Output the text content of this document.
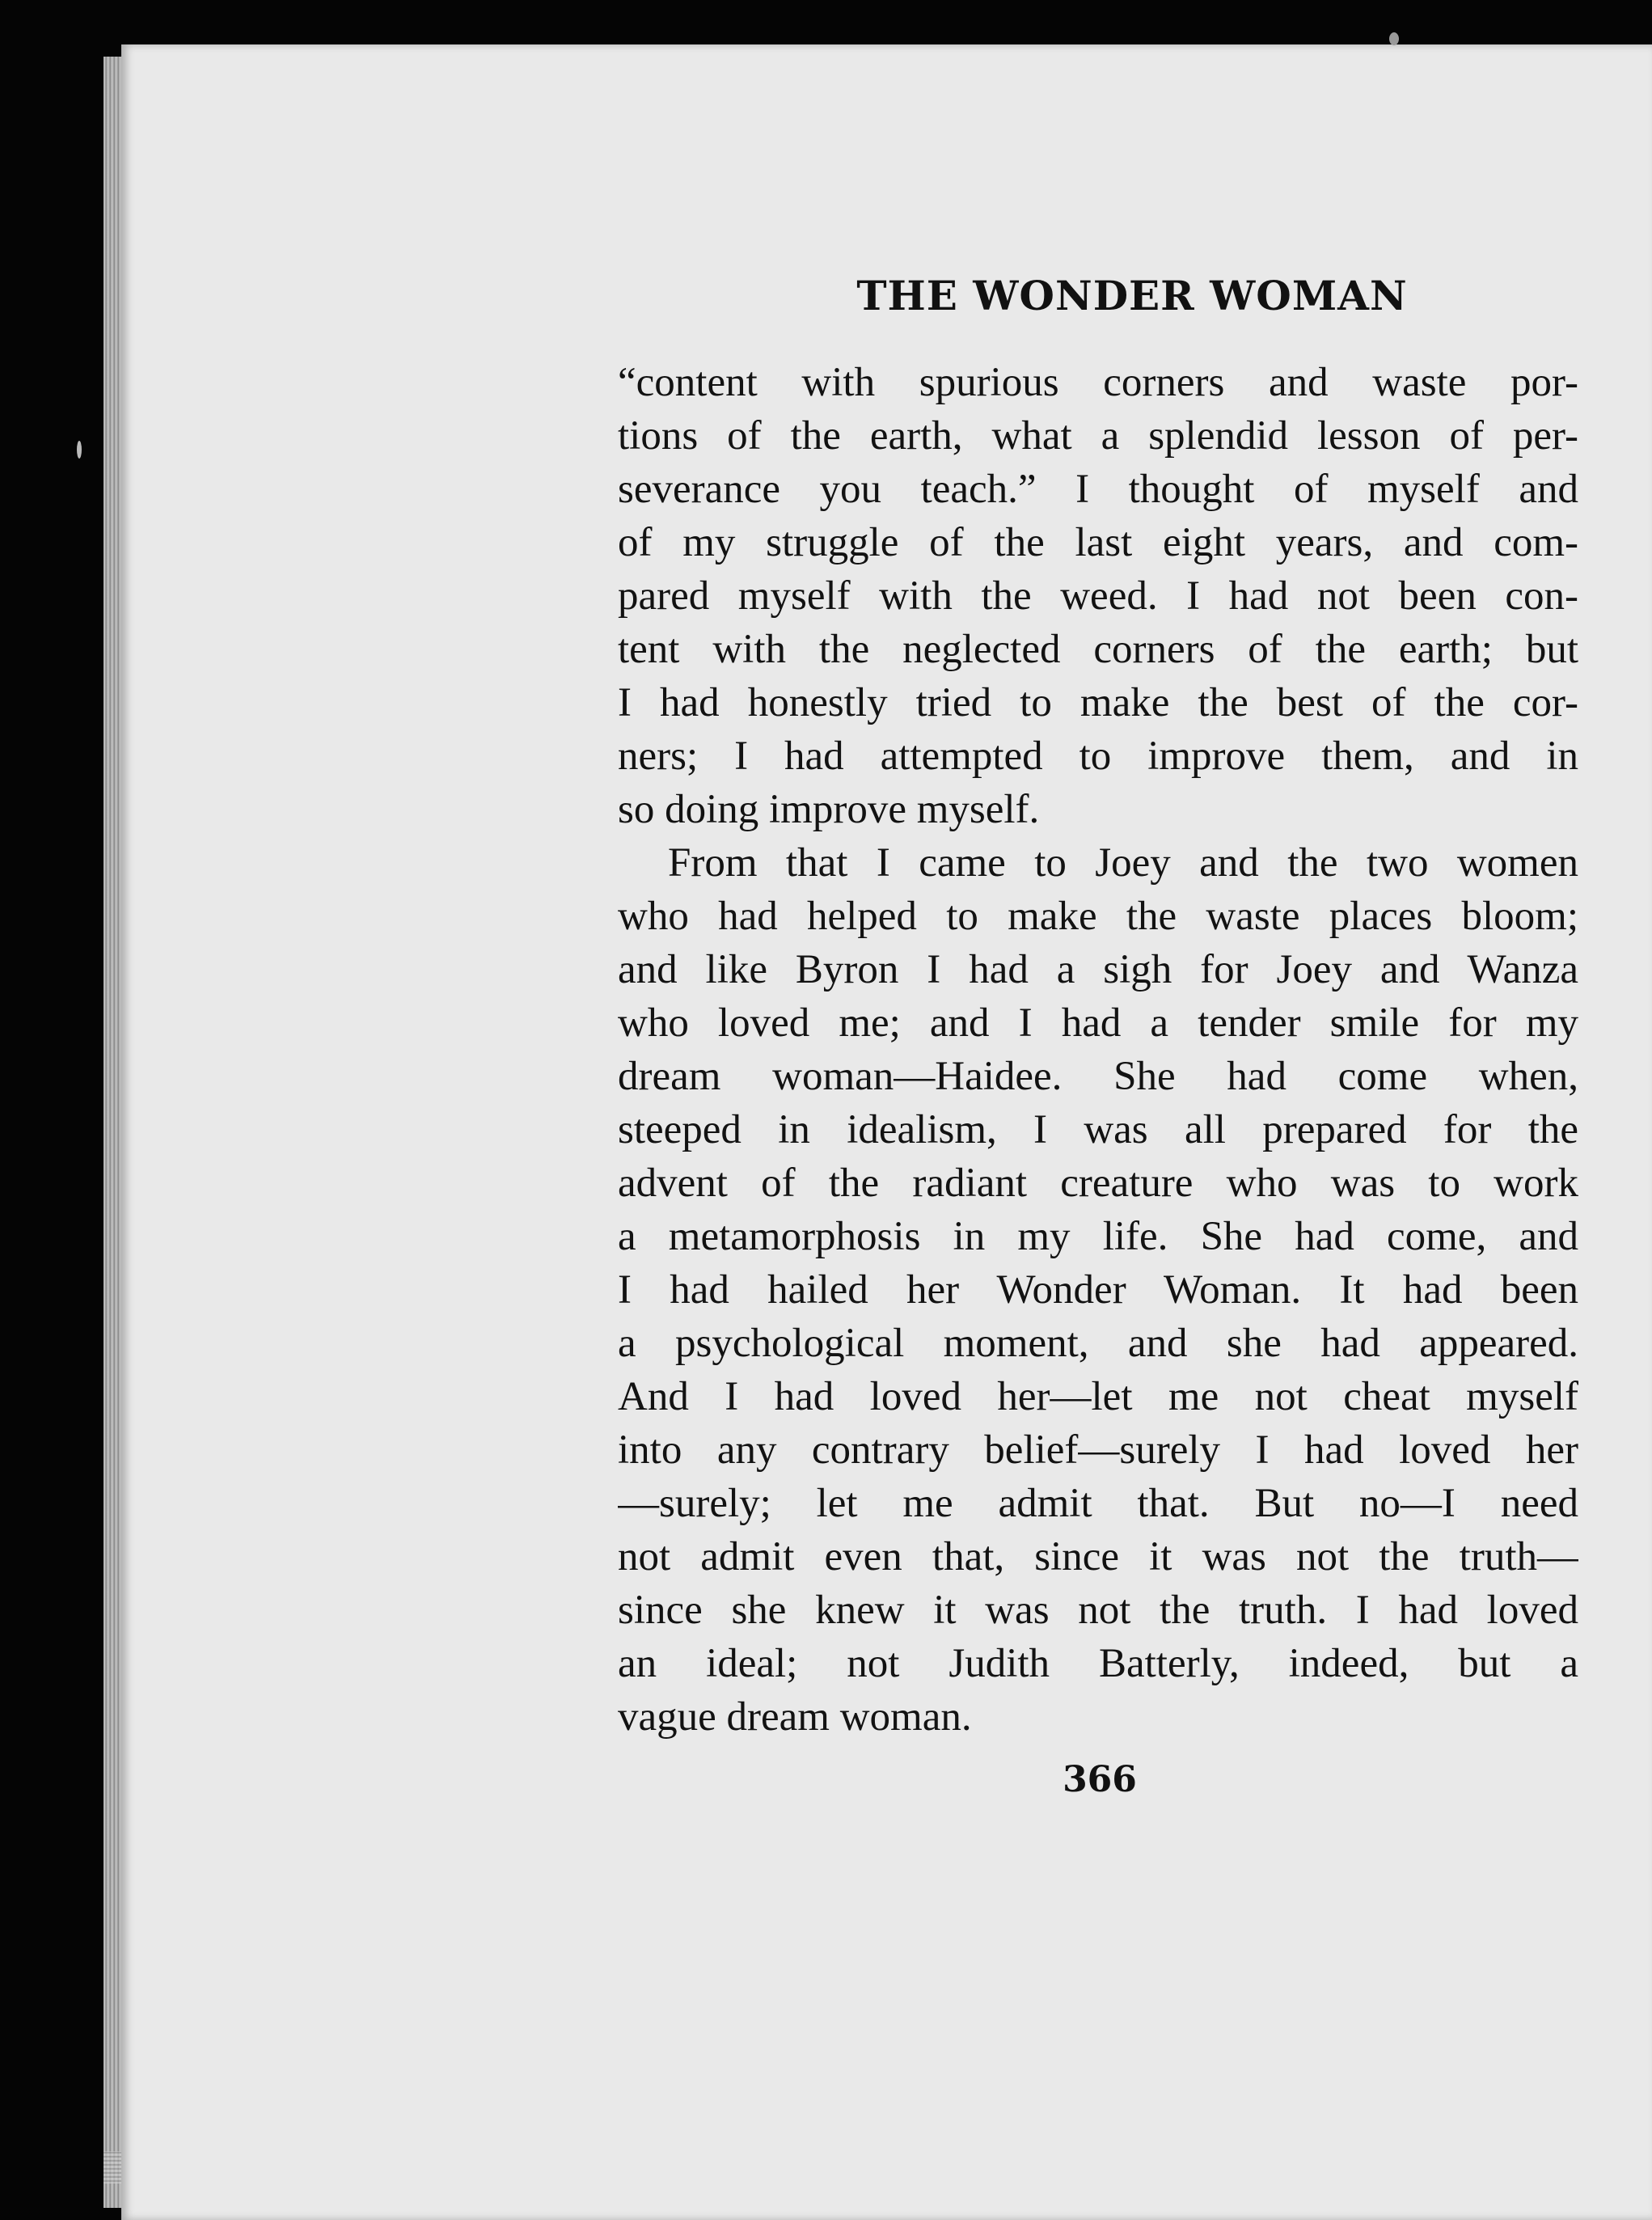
THE WONDER WOMAN
“content with spurious corners and waste por-
tions of the earth, what a splendid lesson of per-
severance you teach.” I thought of myself and
of my struggle of the last eight years, and com-
pared myself with the weed. I had not been con-
tent with the neglected corners of the earth; but
I had honestly tried to make the best of the cor-
ners; I had attempted to improve them, and in
so doing improve myself.
From that I came to Joey and the two women
who had helped to make the waste places bloom;
and like Byron I had a sigh for Joey and Wanza
who loved me; and I had a tender smile for my
dream woman—Haidee. She had come when,
steeped in idealism, I was all prepared for the
advent of the radiant creature who was to work
a metamorphosis in my life. She had come, and
I had hailed her Wonder Woman. It had been
a psychological moment, and she had appeared.
And I had loved her—let me not cheat myself
into any contrary belief—surely I had loved her
—surely; let me admit that. But no—I need
not admit even that, since it was not the truth—
since she knew it was not the truth. I had loved
an ideal; not Judith Batterly, indeed, but a
vague dream woman.
366
